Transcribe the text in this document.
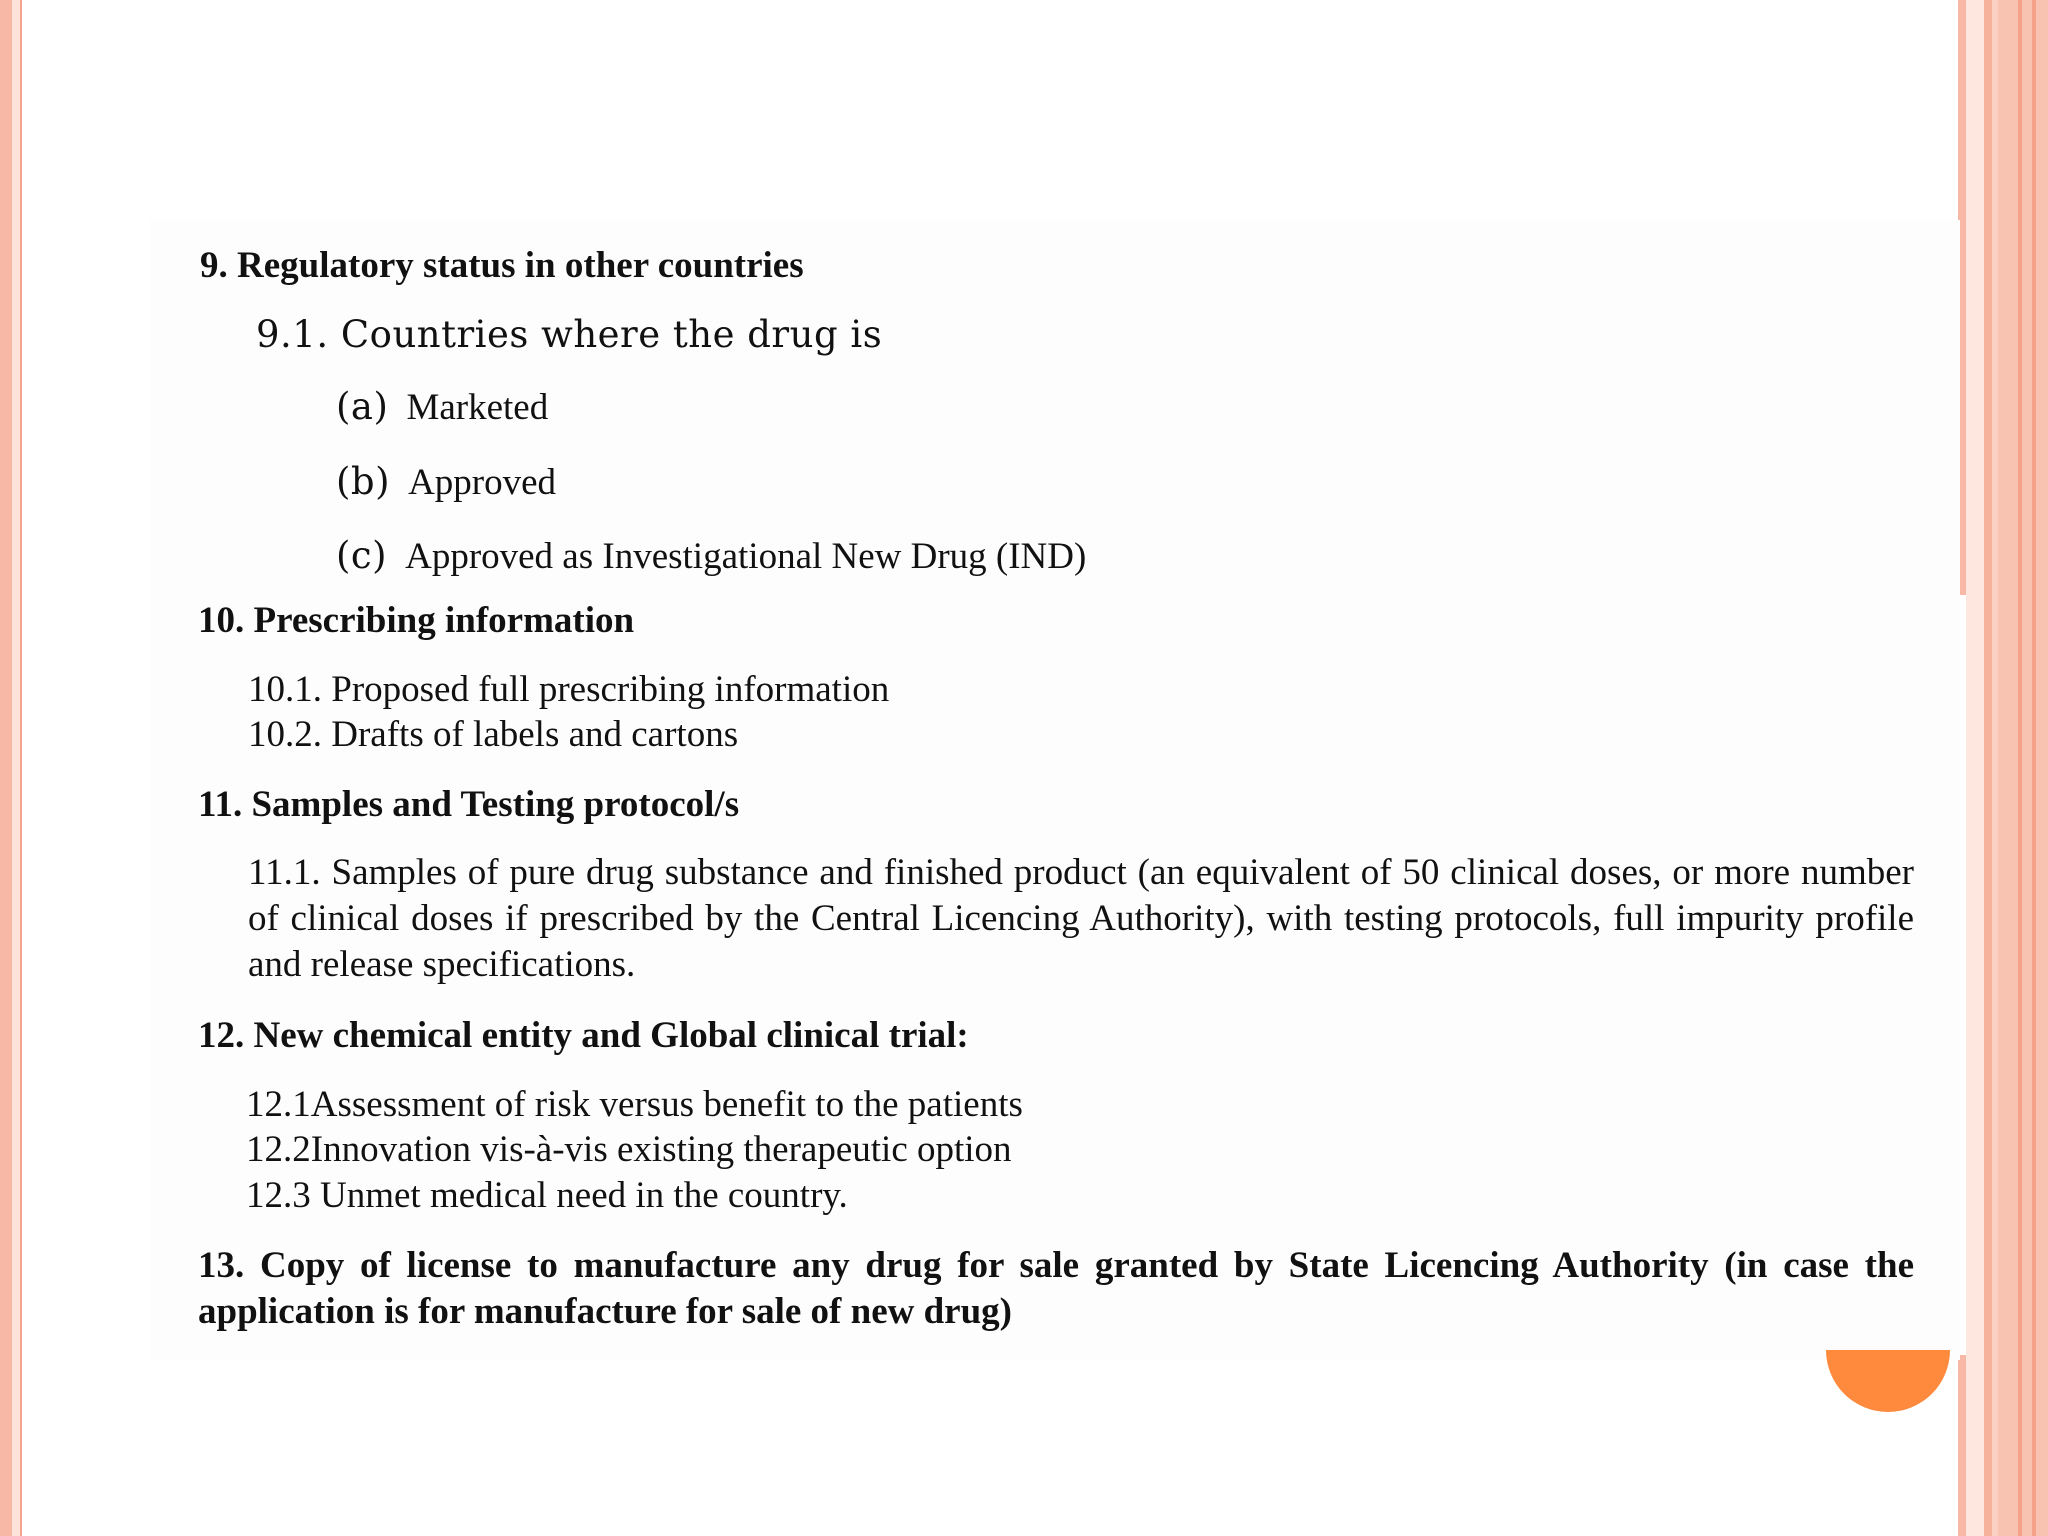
9. Regulatory status in other countries
9.1. Countries where the drug is
(a) Marketed
(b) Approved
(c) Approved as Investigational New Drug (IND)
10. Prescribing information
10.1. Proposed full prescribing information
10.2. Drafts of labels and cartons
11. Samples and Testing protocol/s
11.1. Samples of pure drug substance and finished product (an equivalent of 50 clinical doses, or more number of clinical doses if prescribed by the Central Licencing Authority), with testing protocols, full impurity profile and release specifications.
12. New chemical entity and Global clinical trial:
12.1Assessment of risk versus benefit to the patients
12.2Innovation vis-à-vis existing therapeutic option
12.3 Unmet medical need in the country.
13. Copy of license to manufacture any drug for sale granted by State Licencing Authority (in case the application is for manufacture for sale of new drug)
